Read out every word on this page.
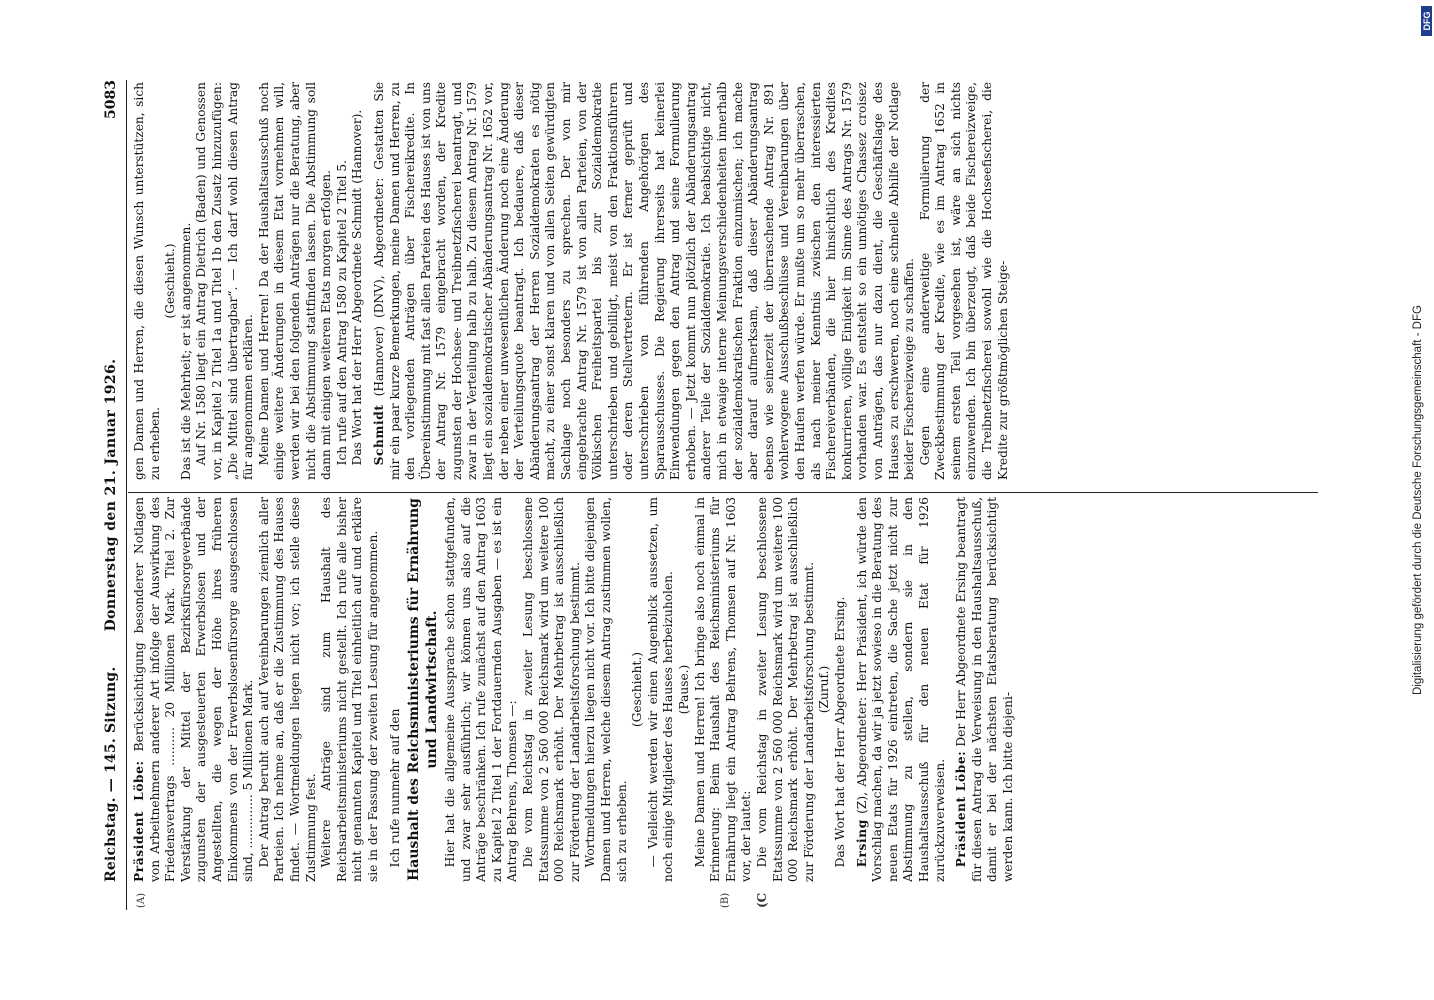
Reichstag. — 145. Sitzung.
Donnerstag den 21. Januar 1926.
5083
(A)	(B)

Präsident Löbe: Berücksichtigung besonderer Notlagen von Arbeitnehmern anderer Art infolge der Auswirkung des Friedensvertrags .......... 20 Millionen Mark. Titel 2. Zur Verstärkung der Mittel der Bezirksfürsorgeverbände zugunsten der ausgesteuerten Erwerbslosen und der Angestellten, die wegen der Höhe ihres früheren Einkommens von der Erwerbslosenfürsorge ausgeschlossen sind, .............. 5 Millionen Mark. Der Antrag beruht auch auf Vereinbarungen ziemlich aller Parteien. Ich nehme an, daß er die Zustimmung des Hauses findet. — Wortmeldungen liegen nicht vor; ich stelle diese Zustimmung fest. Weitere Anträge sind zum Haushalt des Reichsarbeitsministeriums nicht gestellt. Ich rufe alle bisher nicht genannten Kapitel und Titel einheitlich auf und erkläre sie in der Fassung der zweiten Lesung für angenommen. Ich rufe nunmehr auf den Haushalt des Reichsministeriums für Ernährung und Landwirtschaft. Hier hat die allgemeine Aussprache schon stattgefunden, und zwar sehr ausführlich; wir können uns also auf die Anträge beschränken. Ich rufe zunächst auf den Antrag 1603 zu Kapitel 2 Titel 1 der Fortdauernden Ausgaben — es ist ein Antrag Behrens, Thomsen —: Die vom Reichstag in zweiter Lesung beschlossene Etatssumme von 2 560 000 Reichsmark wird um weitere 100 000 Reichsmark erhöht. Der Mehrbetrag ist ausschließlich zur Förderung der Landarbeitsforschung bestimmt. Wortmeldungen hierzu liegen nicht vor. Ich bitte diejenigen Damen und Herren, welche diesem Antrag zustimmen wollen, sich zu erheben.

(Geschieht.) — Vielleicht werden wir einen Augenblick aussetzen, um noch einige Mitglieder des Hauses herbeizuholen. (Pause.) Meine Damen und Herren! Ich bringe also noch einmal in Erinnerung: Beim Haushalt des Reichsministeriums für Ernährung liegt ein Antrag Behrens, Thomsen auf Nr. 1603 vor, der lautet: Die vom Reichstag in zweiter Lesung beschlossene Etatssumme von 2 560 000 Reichsmark wird um weitere 100 000 Reichsmark erhöht. Der Mehrbetrag ist ausschließlich zur Förderung der Landarbeitsforschung bestimmt. (Zuruf.) Das Wort hat der Herr Abgeordnete Ersing. Ersing (Z), Abgeordneter: Herr Präsident, ich würde den Vorschlag machen, da wir ja jetzt sowieso in die Beratung des neuen Etats für 1926 eintreten, die Sache jetzt nicht zur Abstimmung zu stellen, sondern sie in den Haushaltsausschuß für den neuen Etat für 1926 zurückzuverweisen. Präsident Löbe: Der Herr Abgeordnete Ersing beantragt für diesen Antrag die Verweisung in den Haushaltsausschuß, damit er bei der nächsten Etatsberatung berücksichtigt werden kann. Ich bitte diejeni-

gen Damen und Herren, die diesen Wunsch unterstützen, sich zu erheben.

(Geschieht.) Das ist die Mehrheit; er ist angenommen. Auf Nr. 1580 liegt ein Antrag Dietrich (Baden) und Genossen vor, in Kapitel 2 Titel 1a und Titel 1b den Zusatz hinzuzufügen: „Die Mittel sind übertragbar“. — Ich darf wohl diesen Antrag für angenommen erklären. Meine Damen und Herren! Da der Haushaltsausschuß noch einige weitere Änderungen in diesem Etat vornehmen will, werden wir bei den folgenden Anträgen nur die Beratung, aber nicht die Abstimmung stattfinden lassen. Die Abstimmung soll dann mit einigen weiteren Etats morgen erfolgen. Ich rufe auf den Antrag 1580 zu Kapitel 2 Titel 5. Das Wort hat der Herr Abgeordnete Schmidt (Hannover). Schmidt (Hannover) (DNV), Abgeordneter: Gestatten Sie mir ein paar kurze Bemerkungen, meine Damen und Herren, zu den vorliegenden Anträgen über Fischereikredite. In Übereinstimmung mit fast allen Parteien des Hauses ist von uns der Antrag Nr. 1579 eingebracht worden, der Kredite zugunsten der Hochsee- und Treibnetzfischerei beantragt, und zwar in der Verteilung halb zu halb. Zu diesem Antrag Nr. 1579 liegt ein sozialdemokratischer Abänderungsantrag Nr. 1652 vor, der neben einer unwesentlichen Änderung noch eine Änderung der Verteilungsquote beantragt. Ich bedauere, daß dieser Abänderungsantrag der Herren Sozialdemokraten es nötig macht, zu einer sonst klaren und von allen Seiten gewürdigten Sachlage noch besonders zu sprechen. Der von mir eingebrachte Antrag Nr. 1579 ist von allen Parteien, von der Völkischen Freiheitspartei bis zur Sozialdemokratie unterschrieben und gebilligt, meist von den Fraktionsführern oder deren Stellvertretern. Er ist ferner geprüft und unterschrieben von führenden Angehörigen des Sparausschusses. Die Regierung ihrerseits hat keinerlei Einwendungen gegen den Antrag und seine Formulierung erhoben. — Jetzt kommt nun plötzlich der Abänderungsantrag anderer Teile der Sozialdemokratie. Ich beabsichtige nicht, mich in etwaige interne Meinungsverschiedenheiten innerhalb der sozialdemokratischen Fraktion einzumischen; ich mache aber darauf aufmerksam, daß dieser Abänderungsantrag ebenso wie seinerzeit der überraschende Antrag Nr. 891 wohlerwogene Ausschußbeschlüsse und Vereinbarungen über den Haufen werfen würde. Er mußte um so mehr überraschen, als nach meiner Kenntnis zwischen den interessierten Fischereiverbänden, die hier hinsichtlich des Kredites konkurrieren, völlige Einigkeit im Sinne des Antrags Nr. 1579 vorhanden war. Es entsteht so ein unnötiges Chassez croisez von Anträgen, das nur dazu dient, die Geschäftslage des Hauses zu erschweren, noch eine schnelle Abhilfe der Notlage beider Fischereizweige zu schaffen. Gegen eine anderweitige Formulierung der Zweckbestimmung der Kredite, wie es im Antrag 1652 in seinem ersten Teil vorgesehen ist, wäre an sich nichts einzuwenden. Ich bin überzeugt, daß beide Fischereizweige, die Treibnetzfischerei sowohl wie die Hochseefischerei, die Kredite zur größtmöglichen Steige-

(C
Digitalisierung gefördert durch die Deutsche Forschungsgemeinschaft - DFG
DFG
